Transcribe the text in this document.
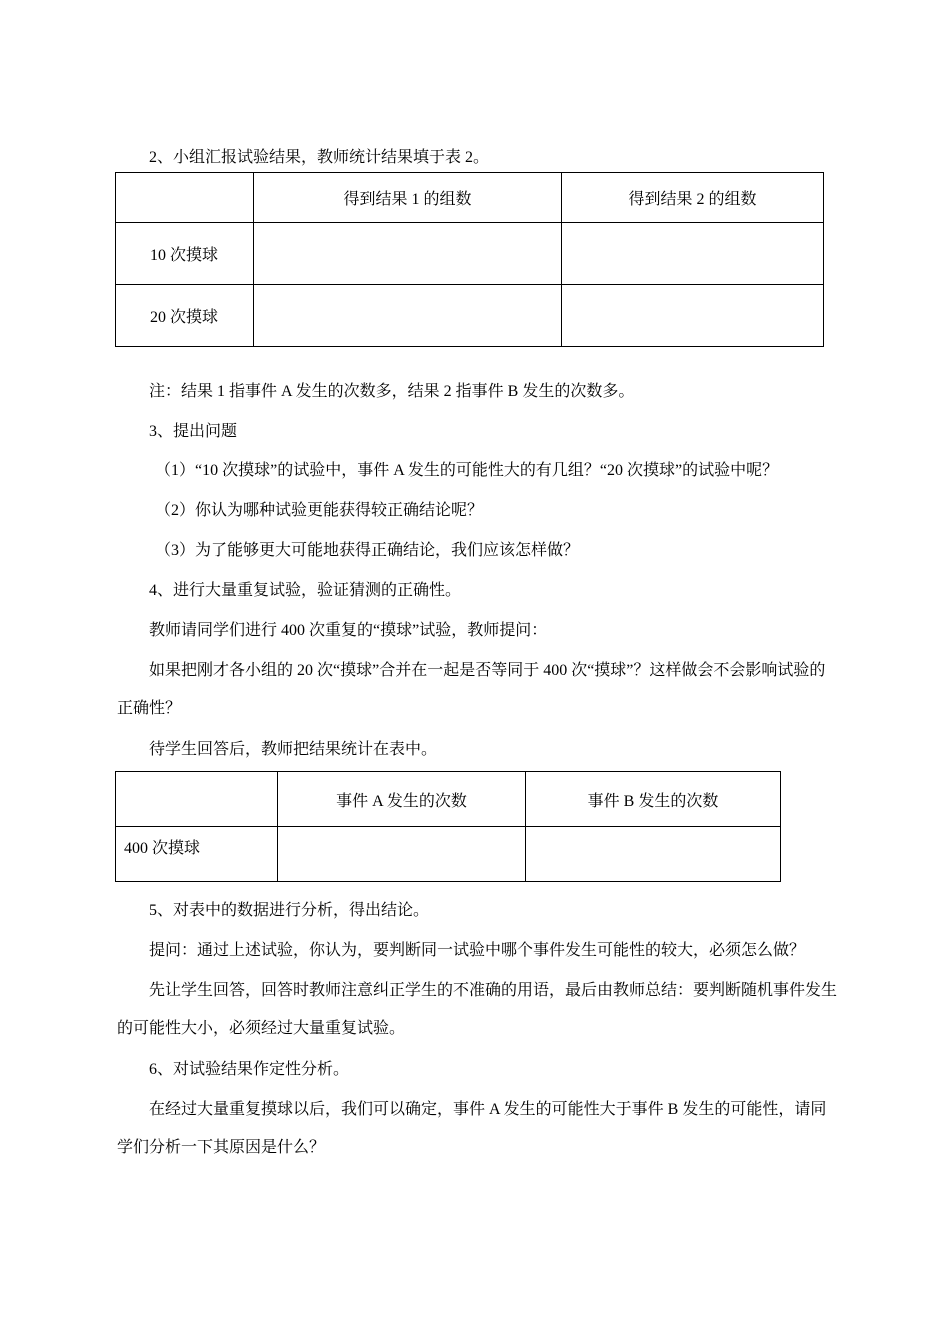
2、小组汇报试验结果，教师统计结果填于表 2。

	得到结果 1 的组数	得到结果 2 的组数
10 次摸球		
20 次摸球		

注：结果 1 指事件 A 发生的次数多，结果 2 指事件 B 发生的次数多。

3、提出问题

（1）“10 次摸球”的试验中，事件 A 发生的可能性大的有几组？“20 次摸球”的试验中呢？

（2）你认为哪种试验更能获得较正确结论呢？

（3）为了能够更大可能地获得正确结论，我们应该怎样做？

4、进行大量重复试验，验证猜测的正确性。

教师请同学们进行 400 次重复的“摸球”试验，教师提问：

如果把刚才各小组的 20 次“摸球”合并在一起是否等同于 400 次“摸球”？这样做会不会影响试验的正确性？

待学生回答后，教师把结果统计在表中。

	事件 A 发生的次数	事件 B 发生的次数
400 次摸球		

5、对表中的数据进行分析，得出结论。

提问：通过上述试验，你认为，要判断同一试验中哪个事件发生可能性的较大，必须怎么做？

先让学生回答，回答时教师注意纠正学生的不准确的用语，最后由教师总结：要判断随机事件发生的可能性大小，必须经过大量重复试验。

6、对试验结果作定性分析。

在经过大量重复摸球以后，我们可以确定，事件 A 发生的可能性大于事件 B 发生的可能性，请同学们分析一下其原因是什么？
